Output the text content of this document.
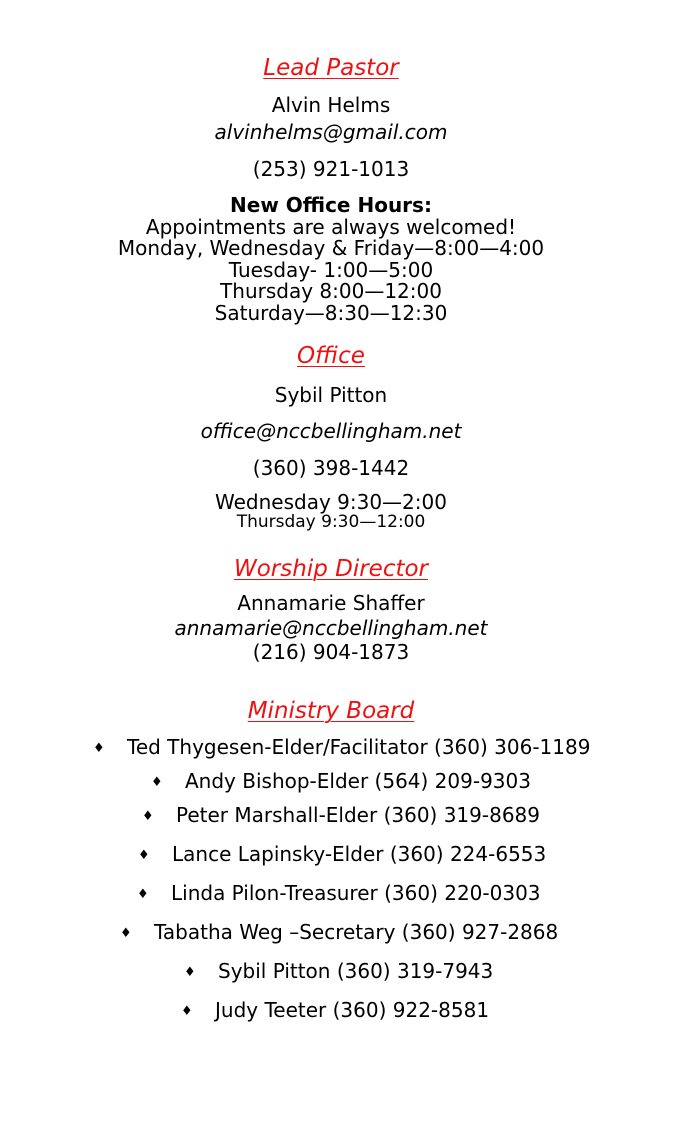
Lead Pastor
Alvin Helms
alvinhelms@gmail.com
(253) 921-1013
New Office Hours:
Appointments are always welcomed!
Monday, Wednesday & Friday—8:00—4:00
Tuesday- 1:00—5:00
Thursday 8:00—12:00
Saturday—8:30—12:30
Office
Sybil Pitton
office@nccbellingham.net
(360) 398-1442
Wednesday 9:30—2:00
Thursday 9:30—12:00
Worship Director
Annamarie Shaffer
annamarie@nccbellingham.net
(216) 904-1873
Ministry Board
♦ Ted Thygesen-Elder/Facilitator (360) 306-1189
♦ Andy Bishop-Elder (564) 209-9303
♦ Peter Marshall-Elder (360) 319-8689
♦ Lance Lapinsky-Elder (360) 224-6553
♦ Linda Pilon-Treasurer (360) 220-0303
♦ Tabatha Weg –Secretary (360) 927-2868
♦ Sybil Pitton (360) 319-7943
♦ Judy Teeter (360) 922-8581
